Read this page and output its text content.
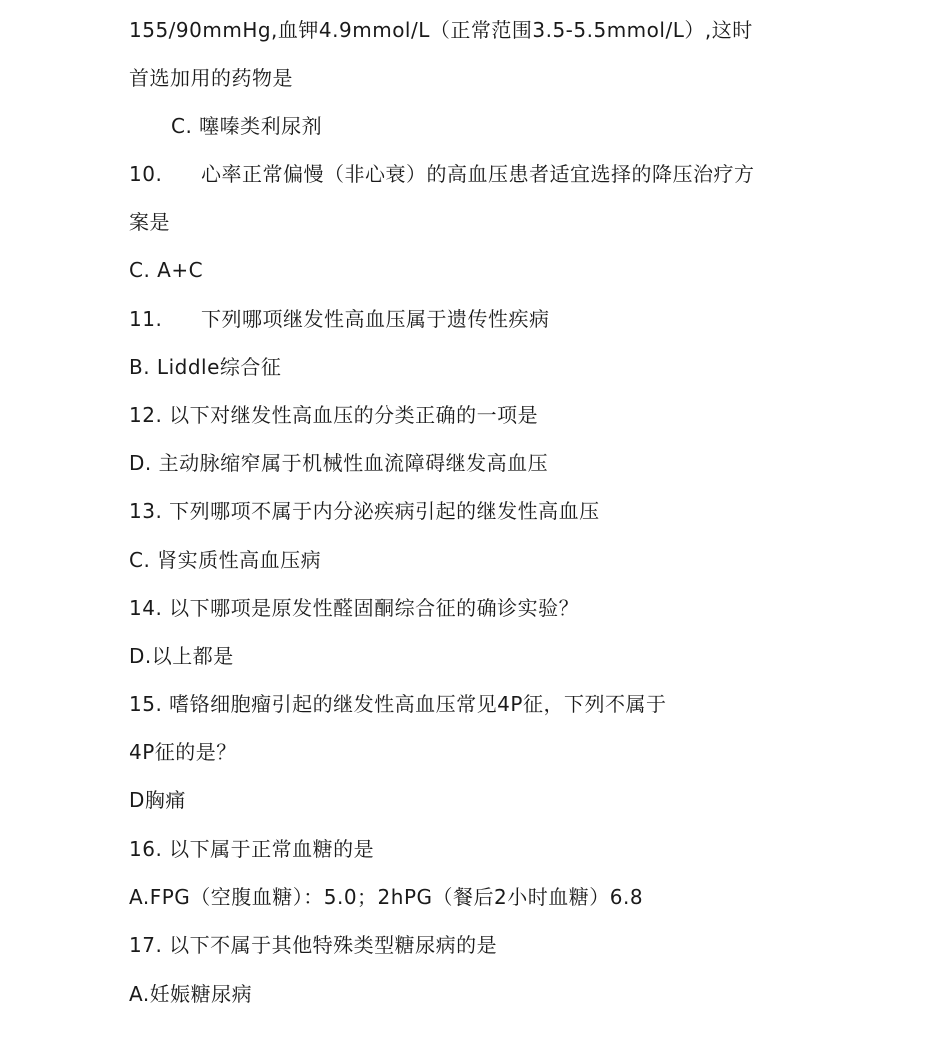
155/90mmHg,血钾4.9mmol/L（正常范围3.5-5.5mmol/L）,这时
首选加用的药物是
C. 噻嗪类利尿剂
10. 心率正常偏慢（非心衰）的高血压患者适宜选择的降压治疗方
案是
C. A+C
11. 下列哪项继发性高血压属于遗传性疾病
B. Liddle综合征
12. 以下对继发性高血压的分类正确的一项是
D. 主动脉缩窄属于机械性血流障碍继发高血压
13. 下列哪项不属于内分泌疾病引起的继发性高血压
C. 肾实质性高血压病
14. 以下哪项是原发性醛固酮综合征的确诊实验？
D.以上都是
15. 嗜铬细胞瘤引起的继发性高血压常见4P征，下列不属于
4P征的是？
D胸痛
16. 以下属于正常血糖的是
A.FPG（空腹血糖）：5.0；2hPG（餐后2小时血糖）6.8
17. 以下不属于其他特殊类型糖尿病的是
A.妊娠糖尿病
